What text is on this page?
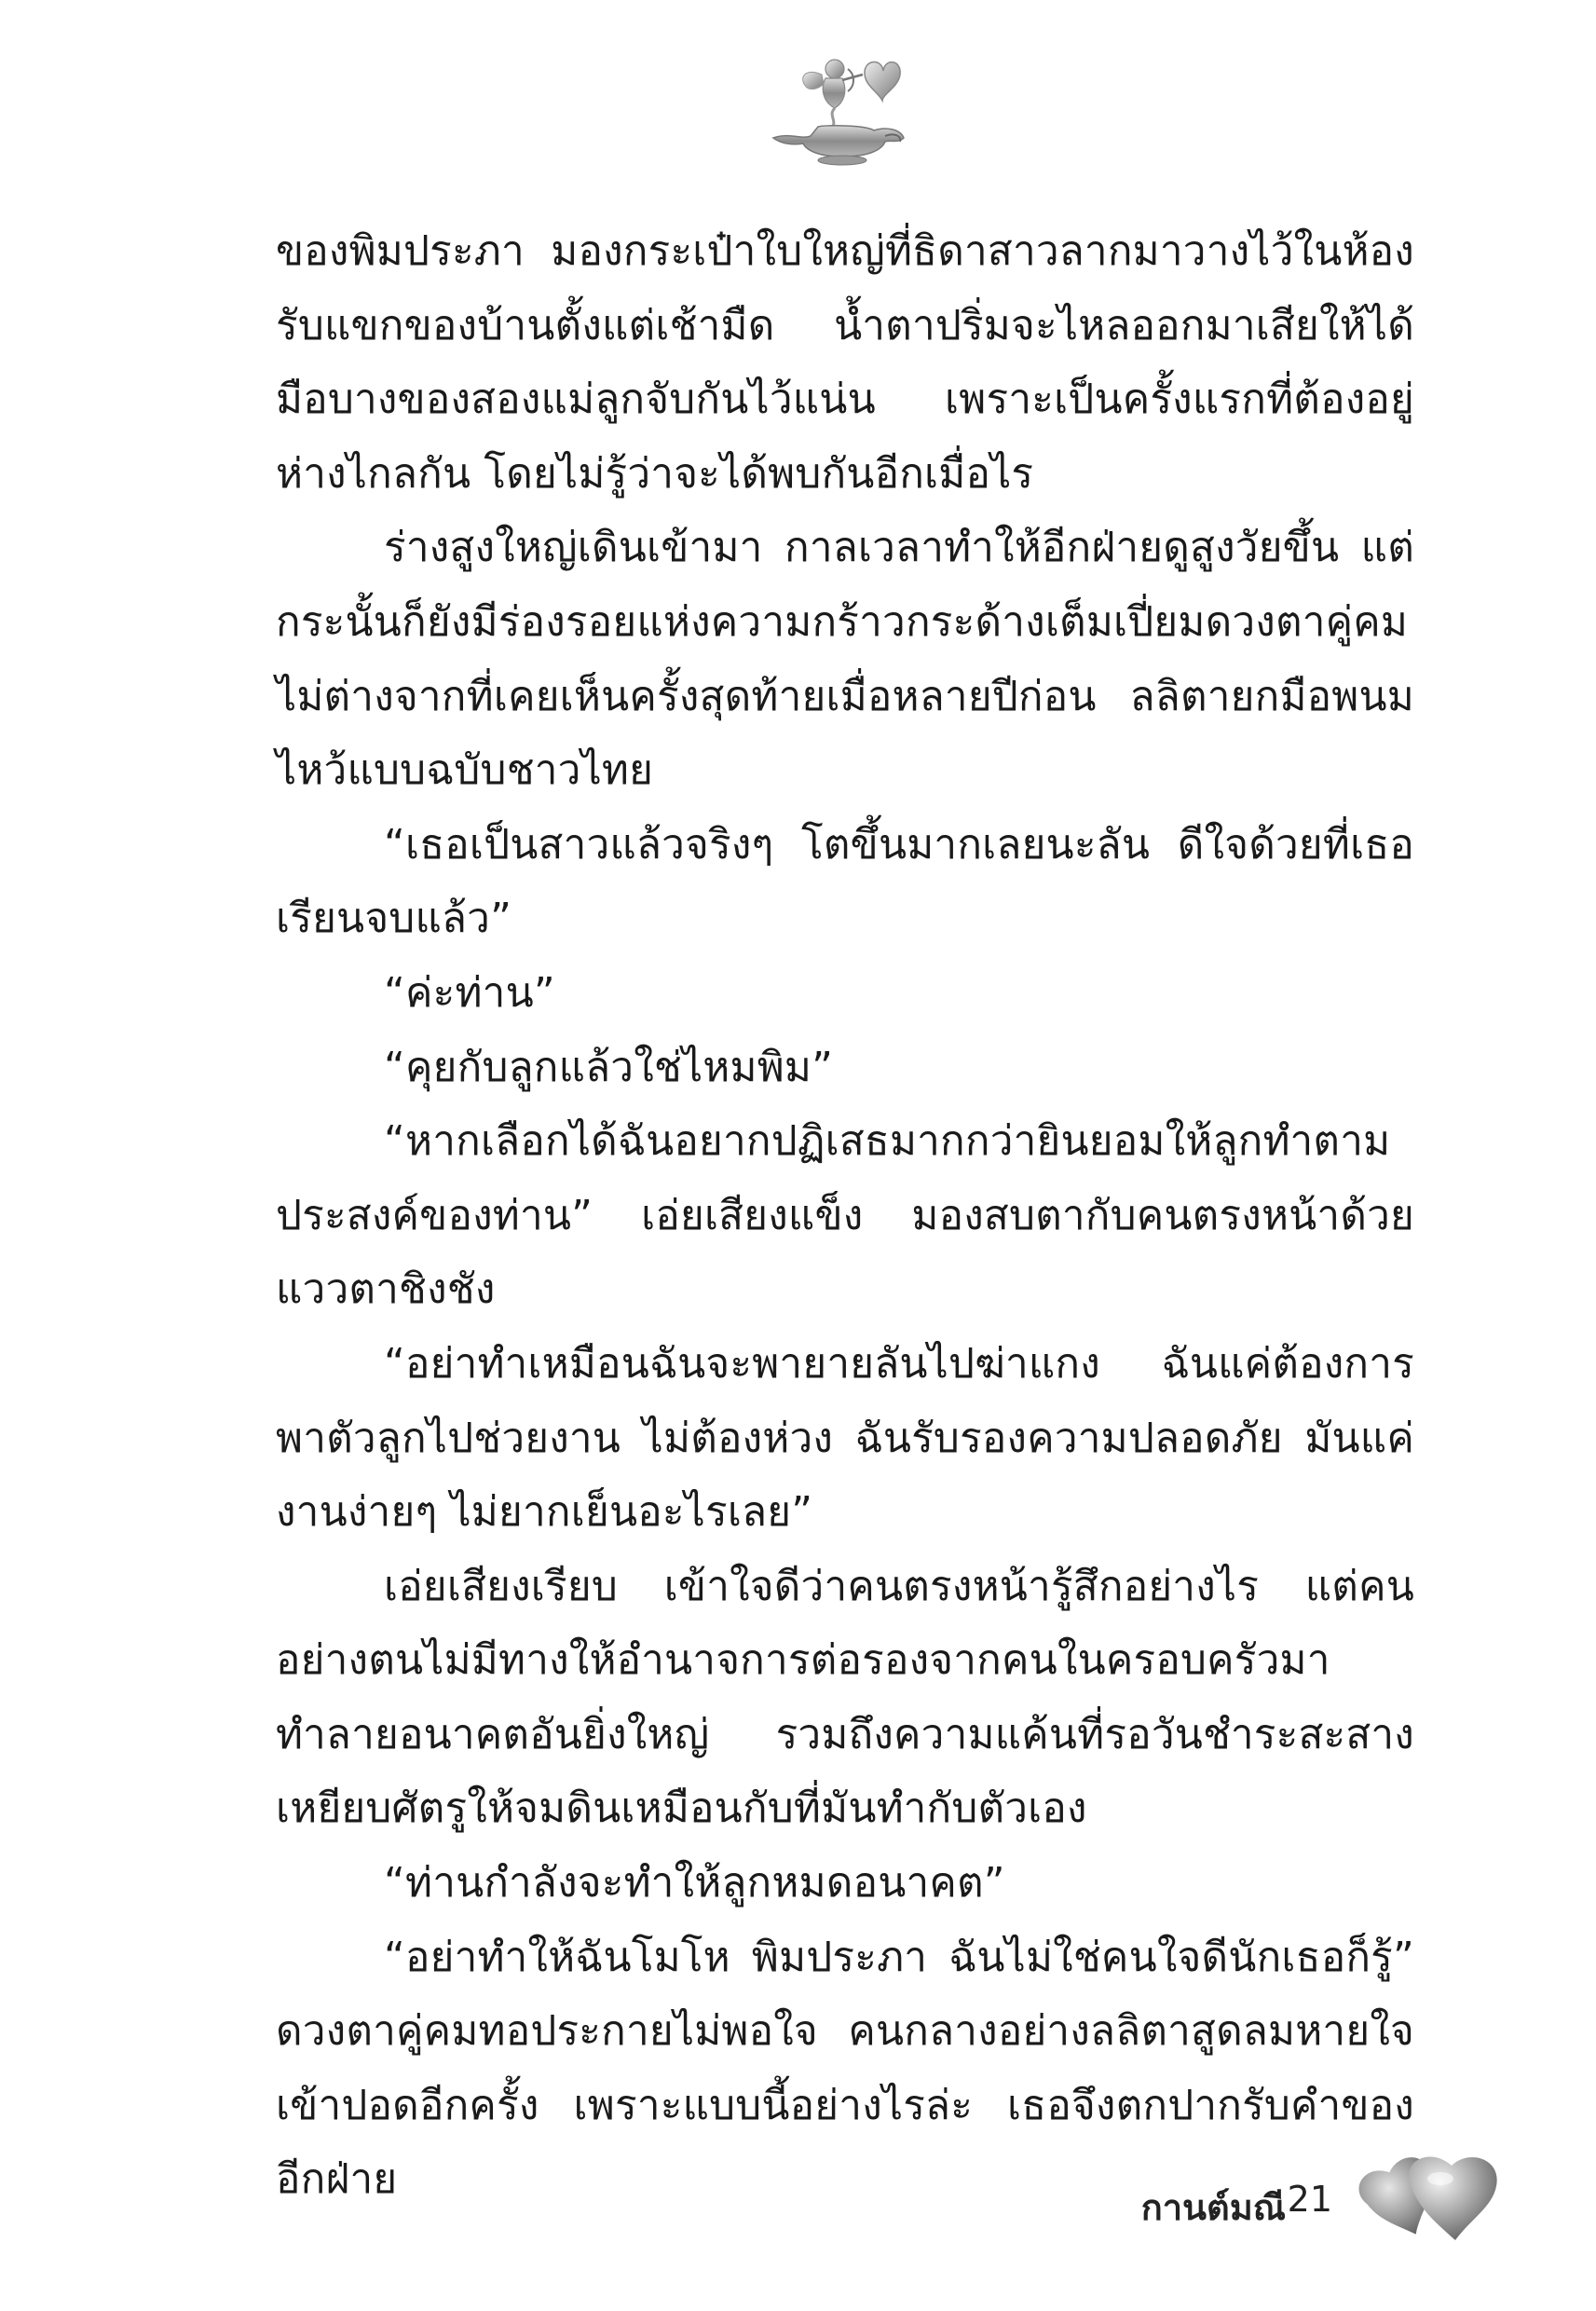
ของพิมประภา มองกระเป๋าใบใหญ่ที่ธิดาสาวลากมาวางไว้ในห้องรับแขกของบ้านตั้งแต่เช้ามืด น้ำตาปริ่มจะไหลออกมาเสียให้ได้ มือบางของสองแม่ลูกจับกันไว้แน่น เพราะเป็นครั้งแรกที่ต้องอยู่ห่างไกลกัน โดยไม่รู้ว่าจะได้พบกันอีกเมื่อไร

ร่างสูงใหญ่เดินเข้ามา กาลเวลาทำให้อีกฝ่ายดูสูงวัยขึ้น แต่กระนั้นก็ยังมีร่องรอยแห่งความกร้าวกระด้างเต็มเปี่ยมดวงตาคู่คมไม่ต่างจากที่เคยเห็นครั้งสุดท้ายเมื่อหลายปีก่อน ลลิตายกมือพนมไหว้แบบฉบับชาวไทย

“เธอเป็นสาวแล้วจริงๆ โตขึ้นมากเลยนะลัน ดีใจด้วยที่เธอเรียนจบแล้ว”

“ค่ะท่าน”

“คุยกับลูกแล้วใช่ไหมพิม”

“หากเลือกได้ฉันอยากปฏิเสธมากกว่ายินยอมให้ลูกทำตามประสงค์ของท่าน” เอ่ยเสียงแข็ง มองสบตากับคนตรงหน้าด้วยแววตาชิงชัง

“อย่าทำเหมือนฉันจะพายายลันไปฆ่าแกง ฉันแค่ต้องการพาตัวลูกไปช่วยงาน ไม่ต้องห่วง ฉันรับรองความปลอดภัย มันแค่งานง่ายๆ ไม่ยากเย็นอะไรเลย”

เอ่ยเสียงเรียบ เข้าใจดีว่าคนตรงหน้ารู้สึกอย่างไร แต่คนอย่างตนไม่มีทางให้อำนาจการต่อรองจากคนในครอบครัวมาทำลายอนาคตอันยิ่งใหญ่ รวมถึงความแค้นที่รอวันชำระสะสาง เหยียบศัตรูให้จมดินเหมือนกับที่มันทำกับตัวเอง

“ท่านกำลังจะทำให้ลูกหมดอนาคต”

“อย่าทำให้ฉันโมโห พิมประภา ฉันไม่ใช่คนใจดีนักเธอก็รู้” ดวงตาคู่คมทอประกายไม่พอใจ คนกลางอย่างลลิตาสูดลมหายใจเข้าปอดอีกครั้ง เพราะแบบนี้อย่างไรล่ะ เธอจึงตกปากรับคำของอีกฝ่าย

กานต์มณี 21
